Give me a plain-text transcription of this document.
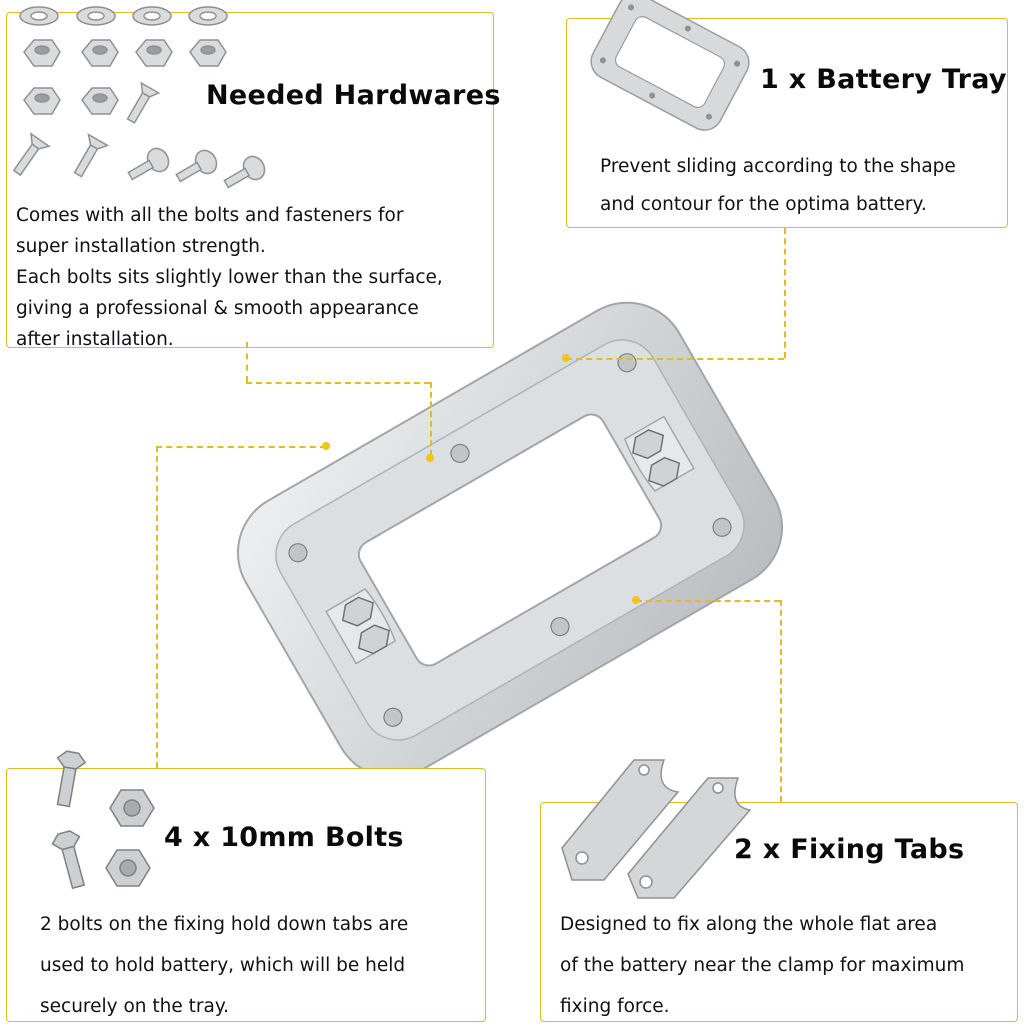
Needed Hardwares
Comes with all the bolts and fasteners for
super installation strength.
Each bolts sits slightly lower than the surface,
giving a professional & smooth appearance
after installation.
1 x Battery Tray
Prevent sliding according to the shape
and contour for the optima battery.
4 x 10mm Bolts
2 bolts on the fixing hold down tabs are
used to hold battery, which will be held
securely on the tray.
2 x Fixing Tabs
Designed to fix along the whole flat area
of the battery near the clamp for maximum
fixing force.
